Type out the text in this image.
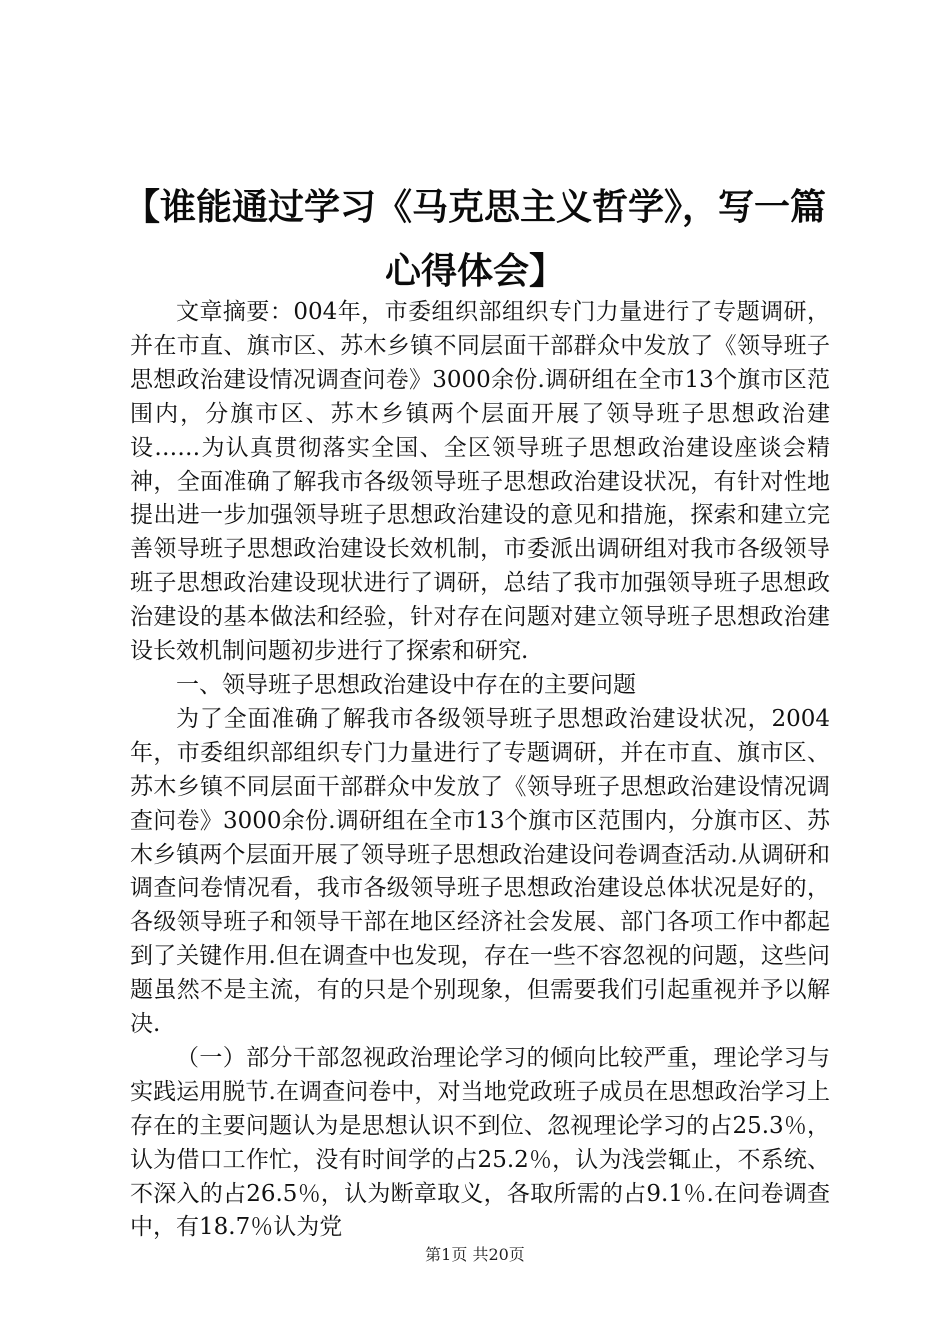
【谁能通过学习《马克思主义哲学》，写一篇心得体会】

文章摘要：004年，市委组织部组织专门力量进行了专题调研，并在市直、旗市区、苏木乡镇不同层面干部群众中发放了《领导班子思想政治建设情况调查问卷》3000余份.调研组在全市13个旗市区范围内，分旗市区、苏木乡镇两个层面开展了领导班子思想政治建设……为认真贯彻落实全国、全区领导班子思想政治建设座谈会精神，全面准确了解我市各级领导班子思想政治建设状况，有针对性地提出进一步加强领导班子思想政治建设的意见和措施，探索和建立完善领导班子思想政治建设长效机制，市委派出调研组对我市各级领导班子思想政治建设现状进行了调研，总结了我市加强领导班子思想政治建设的基本做法和经验，针对存在问题对建立领导班子思想政治建设长效机制问题初步进行了探索和研究.

一、领导班子思想政治建设中存在的主要问题

为了全面准确了解我市各级领导班子思想政治建设状况，2004年，市委组织部组织专门力量进行了专题调研，并在市直、旗市区、苏木乡镇不同层面干部群众中发放了《领导班子思想政治建设情况调查问卷》3000余份.调研组在全市13个旗市区范围内，分旗市区、苏木乡镇两个层面开展了领导班子思想政治建设问卷调查活动.从调研和调查问卷情况看，我市各级领导班子思想政治建设总体状况是好的，各级领导班子和领导干部在地区经济社会发展、部门各项工作中都起到了关键作用.但在调查中也发现，存在一些不容忽视的问题，这些问题虽然不是主流，有的只是个别现象，但需要我们引起重视并予以解决.

（一）部分干部忽视政治理论学习的倾向比较严重，理论学习与实践运用脱节.在调查问卷中，对当地党政班子成员在思想政治学习上存在的主要问题认为是思想认识不到位、忽视理论学习的占25.3％，认为借口工作忙，没有时间学的占25.2％，认为浅尝辄止，不系统、不深入的占26.5％，认为断章取义，各取所需的占9.1％.在问卷调查中，有18.7％认为党

第1页 共20页
